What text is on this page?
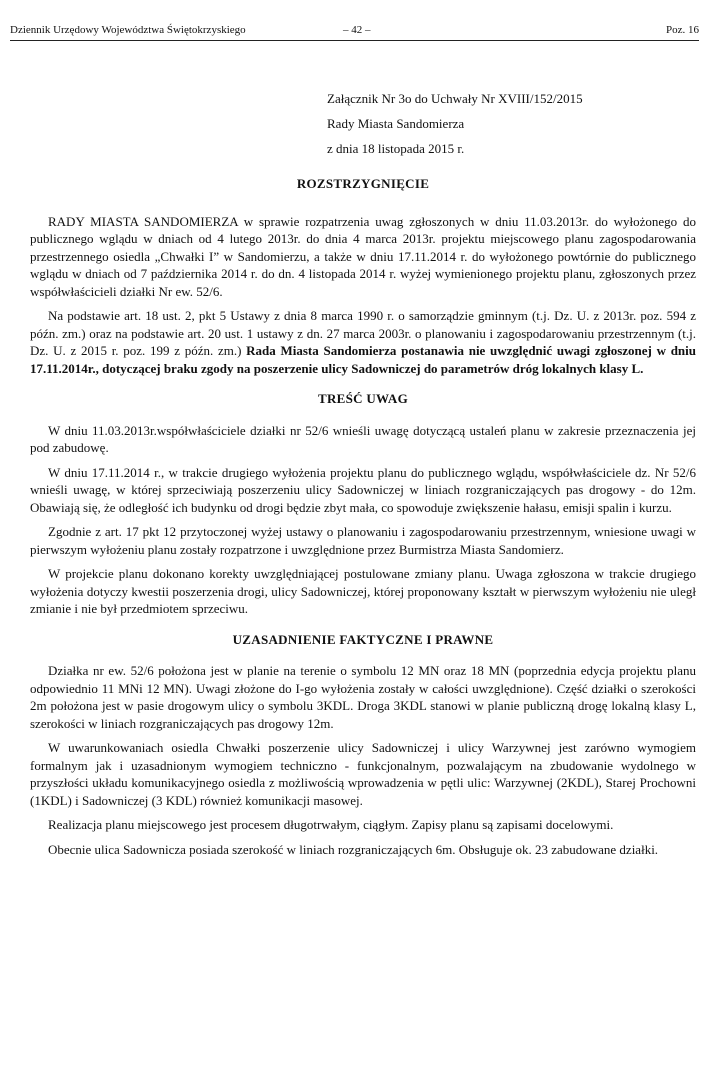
Dziennik Urzędowy Województwa Świętokrzyskiego	– 42 –	Poz. 16
Załącznik Nr 3o do Uchwały Nr XVIII/152/2015
Rady Miasta Sandomierza
z dnia 18 listopada 2015 r.
ROZSTRZYGNIĘCIE

RADY MIASTA SANDOMIERZA w sprawie rozpatrzenia uwag zgłoszonych w dniu 11.03.2013r. do wyłożonego do publicznego wglądu w dniach od 4 lutego 2013r. do dnia 4 marca 2013r. projektu miejscowego planu zagospodarowania przestrzennego osiedla „Chwałki I” w Sandomierzu, a także w dniu 17.11.2014 r. do wyłożonego powtórnie do publicznego wglądu w dniach od 7 października 2014 r. do dn. 4 listopada 2014 r. wyżej wymienionego projektu planu, zgłoszonych przez współwłaścicieli działki Nr ew. 52/6.

Na podstawie art. 18 ust. 2, pkt 5 Ustawy z dnia 8 marca 1990 r. o samorządzie gminnym (t.j. Dz. U. z 2013r. poz. 594 z późn. zm.) oraz na podstawie art. 20 ust. 1 ustawy z dn. 27 marca 2003r. o planowaniu i zagospodarowaniu przestrzennym (t.j. Dz. U. z 2015 r. poz. 199 z późn. zm.) Rada Miasta Sandomierza postanawia nie uwzględnić uwagi zgłoszonej w dniu 17.11.2014r., dotyczącej braku zgody na poszerzenie ulicy Sadowniczej do parametrów dróg lokalnych klasy L.

TREŚĆ UWAG

W dniu 11.03.2013r.współwłaściciele działki nr 52/6 wnieśli uwagę dotyczącą ustaleń planu w zakresie przeznaczenia jej pod zabudowę.

W dniu 17.11.2014 r., w trakcie drugiego wyłożenia projektu planu do publicznego wglądu, współwłaściciele dz. Nr 52/6 wnieśli uwagę, w której sprzeciwiają poszerzeniu ulicy Sadowniczej w liniach rozgraniczających pas drogowy - do 12m. Obawiają się, że odległość ich budynku od drogi będzie zbyt mała, co spowoduje zwiększenie hałasu, emisji spalin i kurzu.

Zgodnie z art. 17 pkt 12 przytoczonej wyżej ustawy o planowaniu i zagospodarowaniu przestrzennym, wniesione uwagi w pierwszym wyłożeniu planu zostały rozpatrzone i uwzględnione przez Burmistrza Miasta Sandomierz.

W projekcie planu dokonano korekty uwzględniającej postulowane zmiany planu. Uwaga zgłoszona w trakcie drugiego wyłożenia dotyczy kwestii poszerzenia drogi, ulicy Sadowniczej, której proponowany kształt w pierwszym wyłożeniu nie uległ zmianie i nie był przedmiotem sprzeciwu.

UZASADNIENIE FAKTYCZNE I PRAWNE

Działka nr ew. 52/6 położona jest w planie na terenie o symbolu 12 MN oraz 18 MN (poprzednia edycja projektu planu odpowiednio 11 MNi 12 MN). Uwagi złożone do I-go wyłożenia zostały w całości uwzględnione). Część działki o szerokości 2m położona jest w pasie drogowym ulicy o symbolu 3KDL. Droga 3KDL stanowi w planie publiczną drogę lokalną klasy L, szerokości w liniach rozgraniczających pas drogowy 12m.

W uwarunkowaniach osiedla Chwałki poszerzenie ulicy Sadowniczej i ulicy Warzywnej jest zarówno wymogiem formalnym jak i uzasadnionym wymogiem techniczno - funkcjonalnym, pozwalającym na zbudowanie wydolnego w przyszłości układu komunikacyjnego osiedla z możliwością wprowadzenia w pętli ulic: Warzywnej (2KDL), Starej Prochowni (1KDL) i Sadowniczej (3 KDL) również komunikacji masowej.

Realizacja planu miejscowego jest procesem długotrwałym, ciągłym. Zapisy planu są zapisami docelowymi.

Obecnie ulica Sadownicza posiada szerokość w liniach rozgraniczających 6m. Obsługuje ok. 23 zabudowane działki.
